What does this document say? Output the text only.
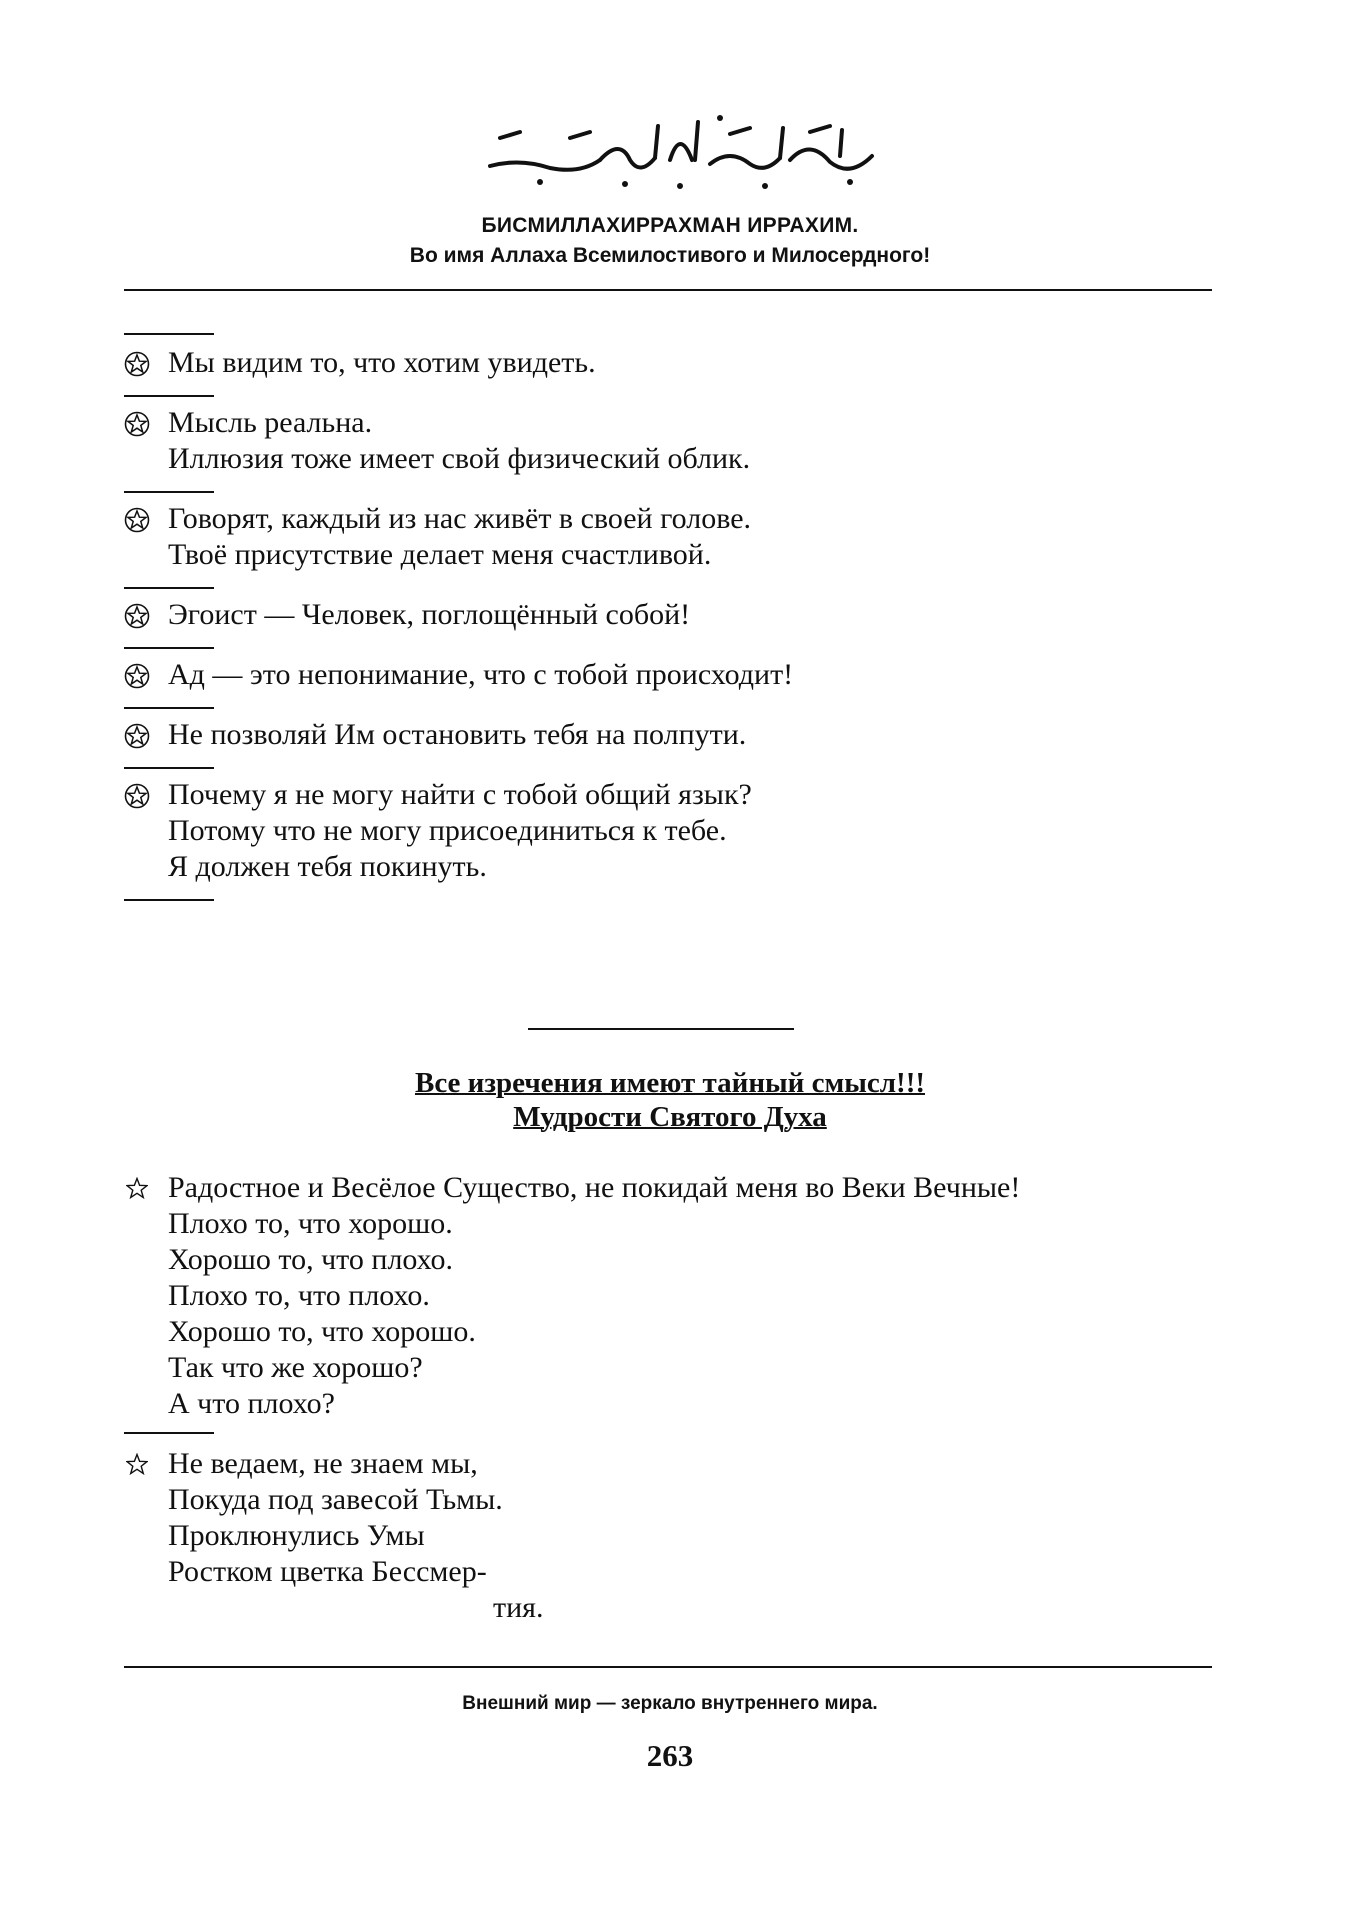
БИСМИЛЛАХИРРАХМАН ИРРАХИМ.
Во имя Аллаха Всемилостивого и Милосердного!
Мы видим то, что хотим увидеть.
Мысль реальна.
Иллюзия тоже имеет свой физический облик.
Говорят, каждый из нас живёт в своей голове.
Твоё присутствие делает меня счастливой.
Эгоист — Человек, поглощённый собой!
Ад — это непонимание, что с тобой происходит!
Не позволяй Им остановить тебя на полпути.
Почему я не могу найти с тобой общий язык?
Потому что не могу присоединиться к тебе.
Я должен тебя покинуть.
Все изречения имеют тайный смысл!!!
Мудрости Святого Духа
Радостное и Весёлое Существо, не покидай меня во Веки Вечные!
Плохо то, что хорошо.
Хорошо то, что плохо.
Плохо то, что плохо.
Хорошо то, что хорошо.
Так что же хорошо?
А что плохо?
Не ведаем, не знаем мы,
Покуда под завесой Тьмы.
Проклюнулись Умы
Ростком цветка Бессмер-
тия.
Внешний мир — зеркало внутреннего мира.
263
